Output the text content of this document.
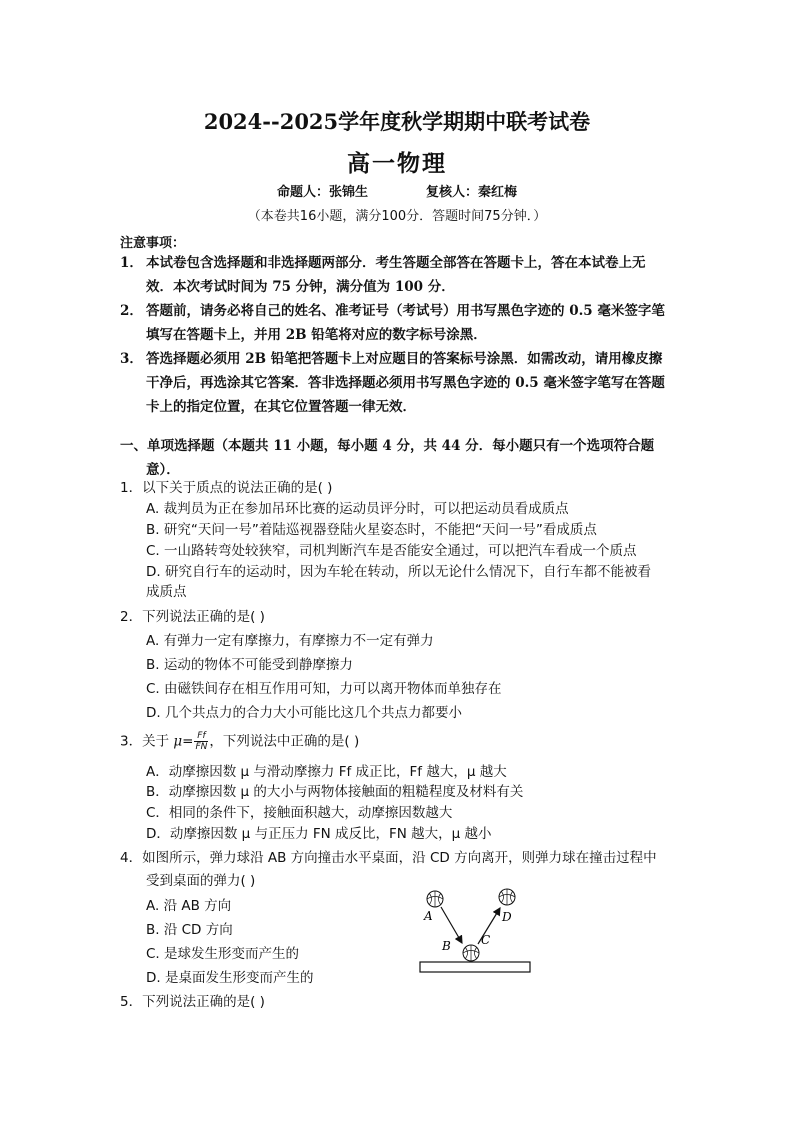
2024--2025学年度秋学期期中联考试卷
高一物理
命题人：张锦生	复核人：秦红梅
（本卷共16小题，满分100分．答题时间75分钟．）
注意事项：
1． 本试卷包含选择题和非选择题两部分．考生答题全部答在答题卡上，答在本试卷上无
效．本次考试时间为 75 分钟，满分值为 100 分．
2． 答题前，请务必将自己的姓名、准考证号（考试号）用书写黑色字迹的 0.5 毫米签字笔
填写在答题卡上，并用 2B 铅笔将对应的数字标号涂黑．
3． 答选择题必须用 2B 铅笔把答题卡上对应题目的答案标号涂黑．如需改动，请用橡皮擦
干净后，再选涂其它答案．答非选择题必须用书写黑色字迹的 0.5 毫米签字笔写在答题
卡上的指定位置，在其它位置答题一律无效．
一、单项选择题（本题共 11 小题，每小题 4 分，共 44 分．每小题只有一个选项符合题
意）．
1．以下关于质点的说法正确的是( )
A. 裁判员为正在参加吊环比赛的运动员评分时，可以把运动员看成质点
B. 研究“天问一号”着陆巡视器登陆火星姿态时，不能把“天问一号”看成质点
C. 一山路转弯处较狭窄，司机判断汽车是否能安全通过，可以把汽车看成一个质点
D. 研究自行车的运动时，因为车轮在转动，所以无论什么情况下，自行车都不能被看
成质点
2．下列说法正确的是( )
A. 有弹力一定有摩擦力，有摩擦力不一定有弹力
B. 运动的物体不可能受到静摩擦力
C. 由磁铁间存在相互作用可知，力可以离开物体而单独存在
D. 几个共点力的合力大小可能比这几个共点力都要小
3．关于 $\mu= \frac{Ff}{FN}$ ，下列说法中正确的是( )
A．动摩擦因数 μ 与滑动摩擦力 Ff 成正比，Ff 越大，μ 越大
B．动摩擦因数 μ 的大小与两物体接触面的粗糙程度及材料有关
C．相同的条件下，接触面积越大，动摩擦因数越大
D．动摩擦因数 μ 与正压力 FN 成反比，FN 越大，μ 越小
4．如图所示，弹力球沿 AB 方向撞击水平桌面，沿 CD 方向离开，则弹力球在撞击过程中
受到桌面的弹力( )
A. 沿 AB 方向
B. 沿 CD 方向
C. 是球发生形变而产生的
D. 是桌面发生形变而产生的
A
B	C
D
5．下列说法正确的是( )
